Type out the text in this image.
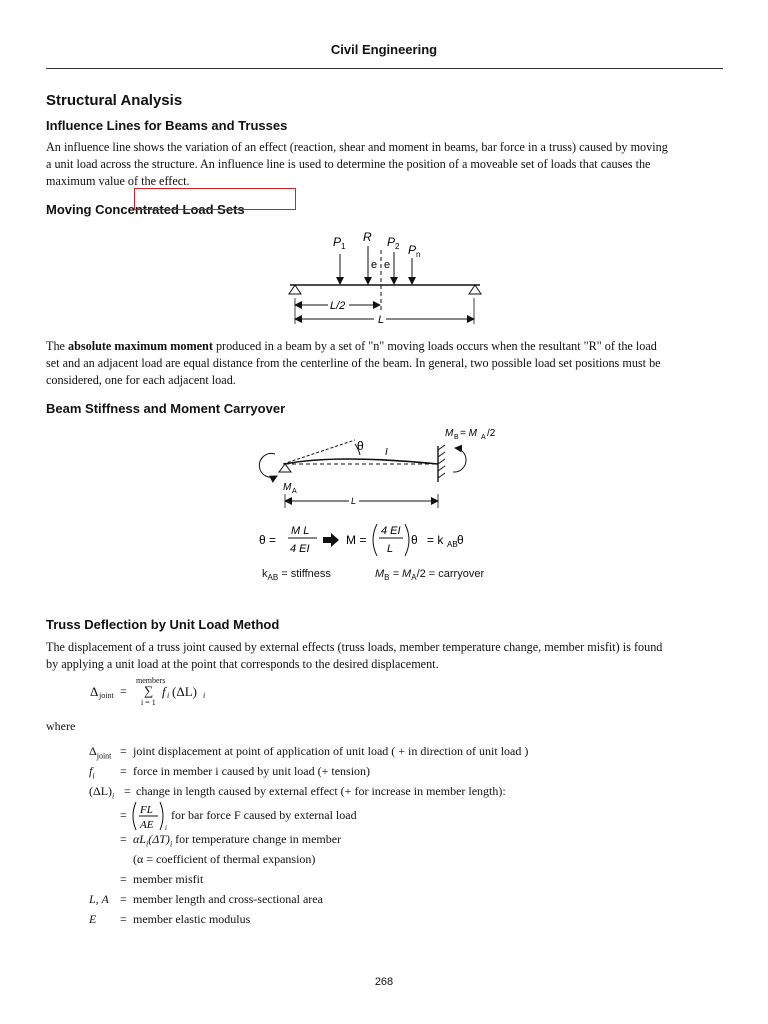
Civil Engineering
Structural Analysis
Influence Lines for Beams and Trusses
An influence line shows the variation of an effect (reaction, shear and moment in beams, bar force in a truss) caused by moving
a unit load across the structure. An influence line is used to determine the position of a moveable set of loads that causes the
maximum value of the effect.
Moving Concentrated Load Sets
P 1
R P 2 P n
e e
L/2
L
The absolute maximum moment produced in a beam by a set of "n" moving loads occurs when the resultant "R" of the load
set and an adjacent load are equal distance from the centerline of the beam. In general, two possible load set positions must be
considered, one for each adjacent load.
Beam Stiffness and Moment Carryover
M B = M A /2
θ I
M A
L
θ =
M L
4 EI
M =
4 EI
L
θ = k AB θ
$k_{AB}$ = stiffness	$M_B = M_A/2$ = carryover
Truss Deflection by Unit Load Method
The displacement of a truss joint caused by external effects (truss loads, member temperature change, member misfit) is found
by applying a unit load at the point that corresponds to the desired displacement.
Δ joint =
members
∑
i = 1
f i (ΔL) i
where
$\Delta_{joint}$ = joint displacement at point of application of unit load ( + in direction of unit load )
$f_i$ = force in member i caused by unit load (+ tension)
$(\Delta L)_i$ = change in length caused by external effect (+ for increase in member length):
= FL
AE i
for bar force F caused by external load
= $\alpha L_i(\Delta T)_i$ for temperature change in member
(α = coefficient of thermal expansion)
= member misfit
L, A = member length and cross-sectional area
E = member elastic modulus
268
